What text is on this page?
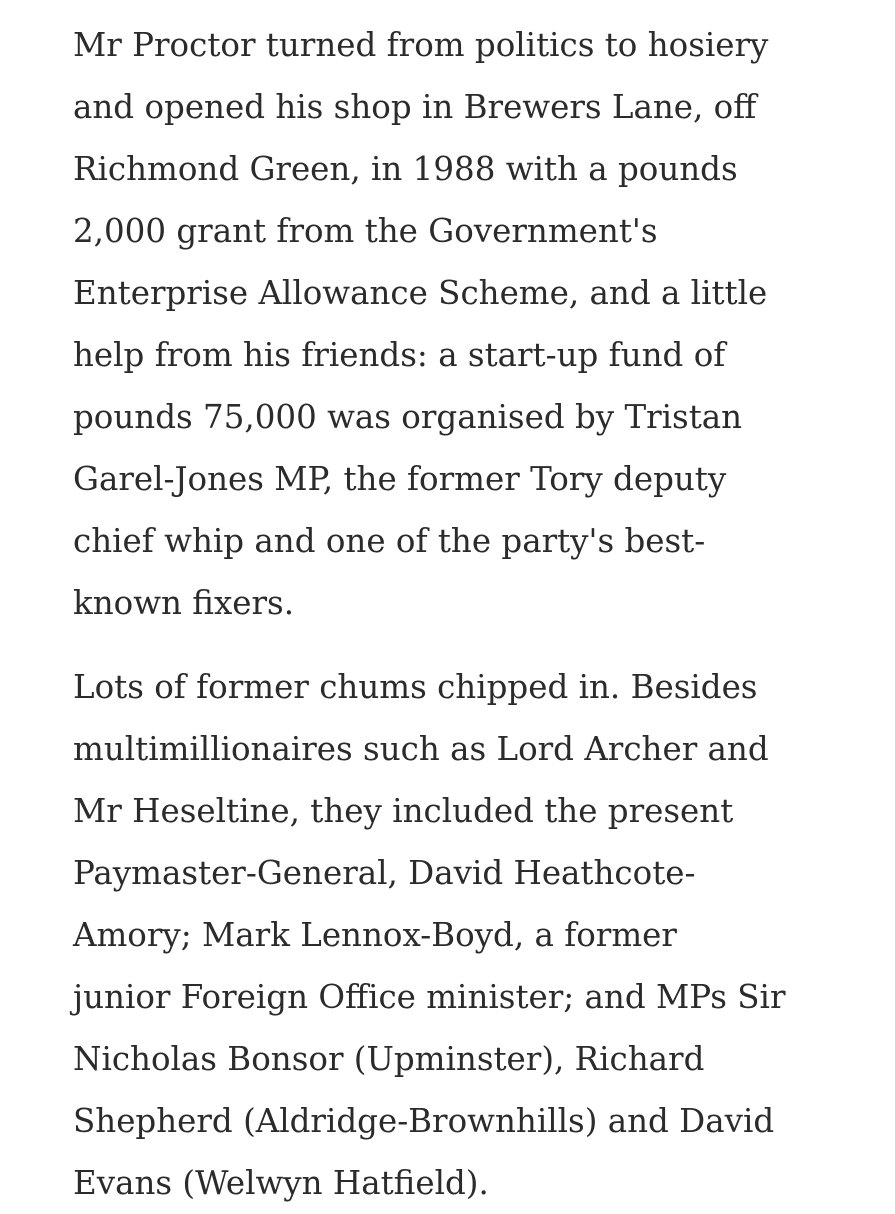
Mr Proctor turned from politics to hosiery
and opened his shop in Brewers Lane, off
Richmond Green, in 1988 with a pounds
2,000 grant from the Government's
Enterprise Allowance Scheme, and a little
help from his friends: a start-up fund of
pounds 75,000 was organised by Tristan
Garel-Jones MP, the former Tory deputy
chief whip and one of the party's best-
known fixers.

Lots of former chums chipped in. Besides
multimillionaires such as Lord Archer and
Mr Heseltine, they included the present
Paymaster-General, David Heathcote-
Amory; Mark Lennox-Boyd, a former
junior Foreign Office minister; and MPs Sir
Nicholas Bonsor (Upminster), Richard
Shepherd (Aldridge-Brownhills) and David
Evans (Welwyn Hatfield).
